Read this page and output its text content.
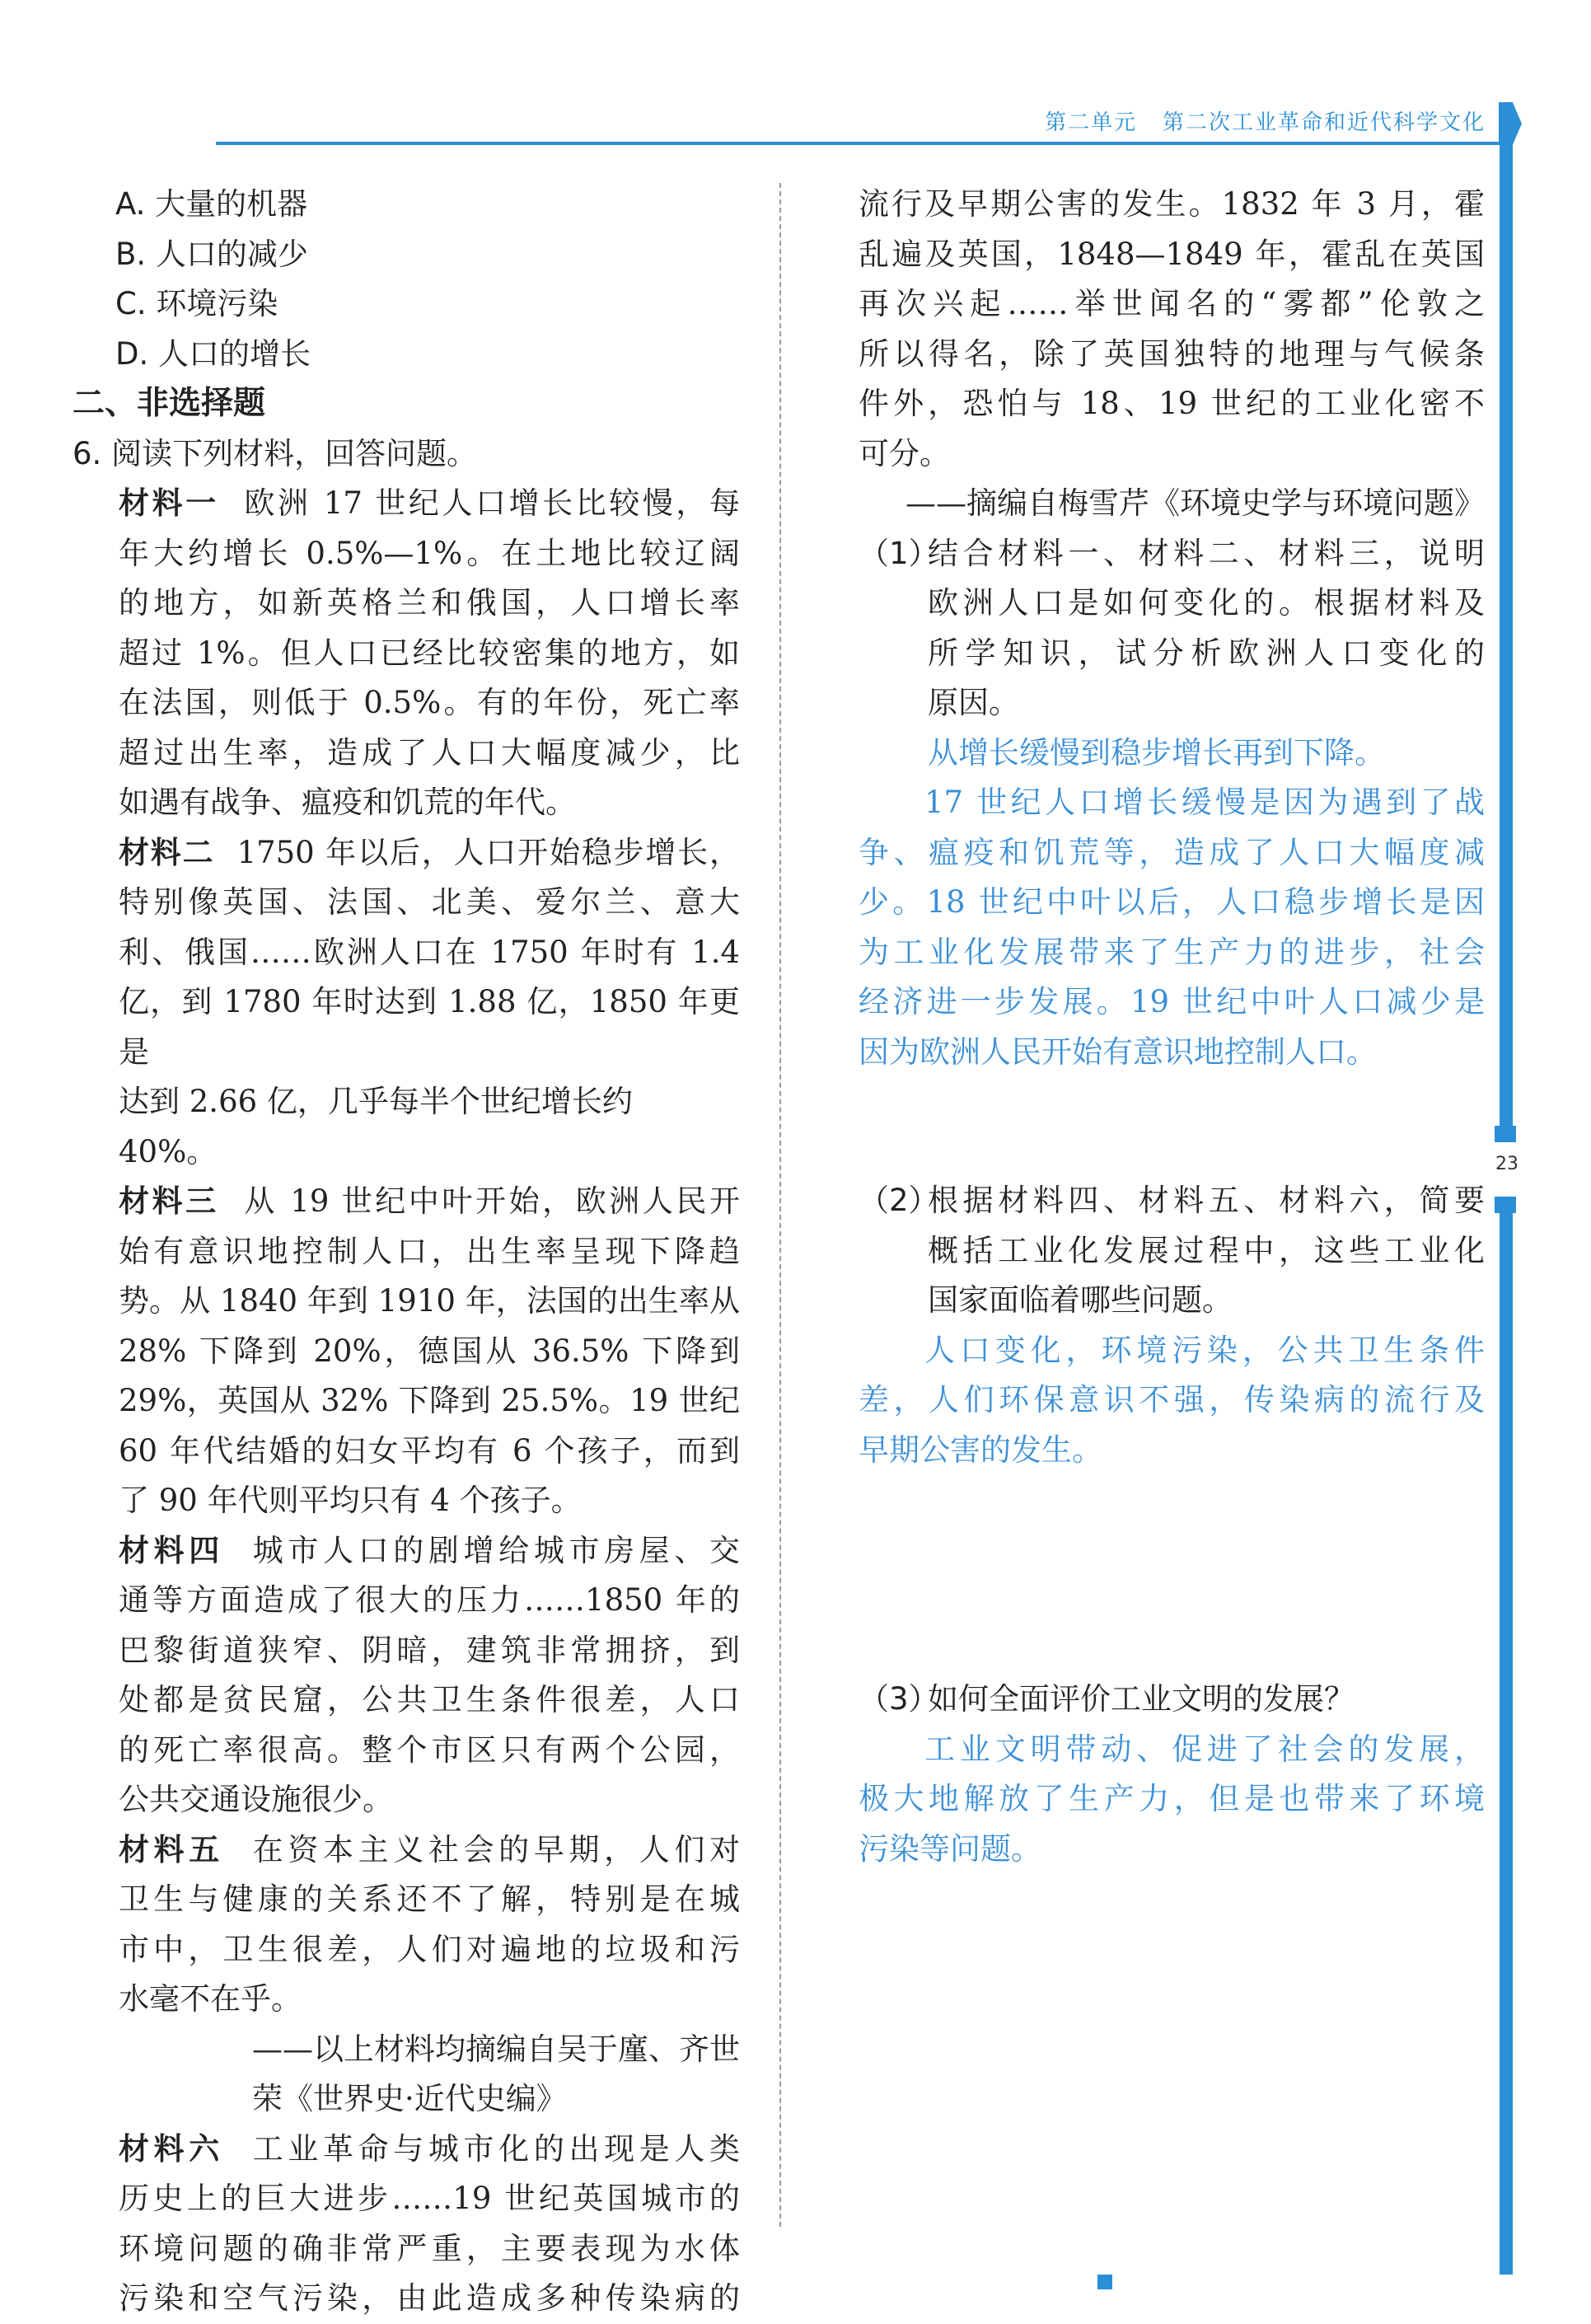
第二单元 第二次工业革命和近代科学文化
23

A. 大量的机器

B. 人口的减少

C. 环境污染

D. 人口的增长

二、非选择题

6. 阅读下列材料，回答问题。

材料一 欧洲 17 世纪人口增长比较慢，每

年大约增长 0.5%—1%。在土地比较辽阔

的地方，如新英格兰和俄国，人口增长率

超过 1%。但人口已经比较密集的地方，如

在法国，则低于 0.5%。有的年份，死亡率

超过出生率，造成了人口大幅度减少，比

如遇有战争、瘟疫和饥荒的年代。

材料二 1750 年以后，人口开始稳步增长，

特别像英国、法国、北美、爱尔兰、意大

利、俄国……欧洲人口在 1750 年时有 1.4

亿，到 1780 年时达到 1.88 亿，1850 年更是

达到 2.66 亿，几乎每半个世纪增长约 40%。

材料三 从 19 世纪中叶开始，欧洲人民开

始有意识地控制人口，出生率呈现下降趋

势。从 1840 年到 1910 年，法国的出生率从

28% 下降到 20%，德国从 36.5% 下降到

29%，英国从 32% 下降到 25.5%。19 世纪

60 年代结婚的妇女平均有 6 个孩子，而到

了 90 年代则平均只有 4 个孩子。

材料四 城市人口的剧增给城市房屋、交

通等方面造成了很大的压力……1850 年的

巴黎街道狭窄、阴暗，建筑非常拥挤，到

处都是贫民窟，公共卫生条件很差，人口

的死亡率很高。整个市区只有两个公园，

公共交通设施很少。

材料五 在资本主义社会的早期，人们对

卫生与健康的关系还不了解，特别是在城

市中，卫生很差，人们对遍地的垃圾和污

水毫不在乎。

——以上材料均摘编自吴于廑、齐世

荣《世界史·近代史编》

材料六 工业革命与城市化的出现是人类

历史上的巨大进步……19 世纪英国城市的

环境问题的确非常严重，主要表现为水体

污染和空气污染，由此造成多种传染病的

流行及早期公害的发生。1832 年 3 月，霍

乱遍及英国，1848—1849 年，霍乱在英国

再次兴起……举世闻名的“雾都”伦敦之

所以得名，除了英国独特的地理与气候条

件外，恐怕与 18、19 世纪的工业化密不

可分。

——摘编自梅雪芹《环境史学与环境问题》

（1）
结合材料一、材料二、材料三，说明

欧洲人口是如何变化的。根据材料及

所学知识，试分析欧洲人口变化的

原因。

从增长缓慢到稳步增长再到下降。

17 世纪人口增长缓慢是因为遇到了战

争、瘟疫和饥荒等，造成了人口大幅度减

少。18 世纪中叶以后，人口稳步增长是因

为工业化发展带来了生产力的进步，社会

经济进一步发展。19 世纪中叶人口减少是

因为欧洲人民开始有意识地控制人口。

（2）
根据材料四、材料五、材料六，简要

概括工业化发展过程中，这些工业化

国家面临着哪些问题。

人口变化，环境污染，公共卫生条件

差，人们环保意识不强，传染病的流行及

早期公害的发生。

（3）
如何全面评价工业文明的发展？

工业文明带动、促进了社会的发展，

极大地解放了生产力，但是也带来了环境

污染等问题。
